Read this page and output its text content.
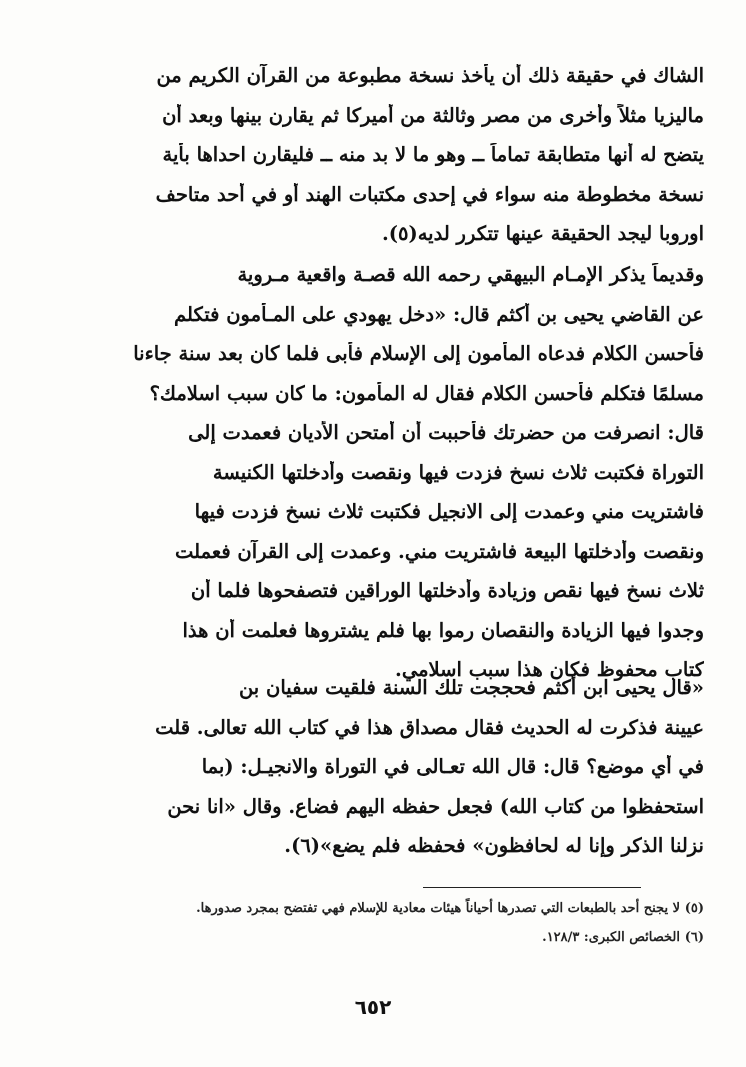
الشاك في حقيقة ذلك أن يأخذ نسخة مطبوعة من القرآن الكريم من
ماليزيا مثلاً وأخرى من مصر وثالثة من أميركا ثم يقارن بينها وبعد أن
يتضح له أنها متطابقة تماماً ــ وهو ما لا بد منه ــ فليقارن احداها بأية
نسخة مخطوطة منه سواء في إحدى مكتبات الهند أو في أحد متاحف
اوروبا ليجد الحقيقة عينها تتكرر لديه(٥).
وقديماً يذكر الإمـام البيهقي رحمه الله قصـة واقعية مـروية
عن القاضي يحيى بن أكثم قال: «دخل يهودي على المـأمون فتكلم
فأحسن الكلام فدعاه المأمون إلى الإسلام فأبى فلما كان بعد سنة جاءنا
مسلمًا فتكلم فأحسن الكلام فقال له المأمون: ما كان سبب اسلامك؟
قال: انصرفت من حضرتك فأحببت أن أمتحن الأديان فعمدت إلى
التوراة فكتبت ثلاث نسخ فزدت فيها ونقصت وأدخلتها الكنيسة
فاشتريت مني وعمدت إلى الانجيل فكتبت ثلاث نسخ فزدت فيها
ونقصت وأدخلتها البيعة فاشتريت مني. وعمدت إلى القرآن فعملت
ثلاث نسخ فيها نقص وزيادة وأدخلتها الوراقين فتصفحوها فلما أن
وجدوا فيها الزيادة والنقصان رموا بها فلم يشتروها فعلمت أن هذا
كتاب محفوظ فكان هذا سبب اسلامي.
«قال يحيى ابن أكثم فحججت تلك السنة فلقيت سفيان بن
عيينة فذكرت له الحديث فقال مصداق هذا في كتاب الله تعالى. قلت
في أي موضع؟ قال: قال الله تعـالى في التوراة والانجيـل: (بما
استحفظوا من كتاب الله) فجعل حفظه اليهم فضاع. وقال «انا نحن
نزلنا الذكر وإنا له لحافظون» فحفظه فلم يضع»(٦).
(٥)
لا يجنح أحد بالطبعات التي تصدرها أحياناً هيئات معادية للإسلام فهي تفتضح بمجرد صدورها.
(٦)
الخصائص الكبرى: ١٢٨/٣.
٦٥٢
